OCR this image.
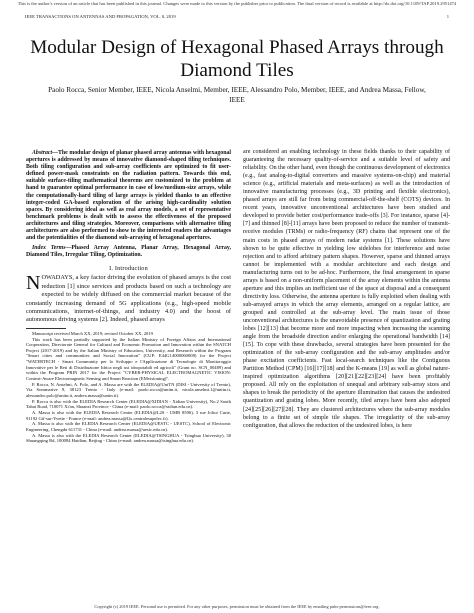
This is the author's version of an article that has been published in this journal. Changes were made to this version by the publisher prior to publication. The final version of record is available at http://dx.doi.org/10.1109/TAP.2019.2951474
IEEE TRANSACTIONS ON ANTENNAS AND PROPAGATION, VOL. 0, 2019	1
Modular Design of Hexagonal Phased Arrays through Diamond Tiles
Paolo Rocca, Senior Member, IEEE, Nicola Anselmi, Member, IEEE, Alessandro Polo, Member, IEEE, and Andrea Massa, Fellow, IEEE

Abstract—The modular design of planar phased array antennas with hexagonal apertures is addressed by means of innovative diamond-shaped tiling techniques. Both tiling configuration and sub-array coefficients are optimized to fit user-defined power-mask constraints on the radiation pattern. Towards this end, suitable surface-tiling mathematical theorems are customized to the problem at hand to guarantee optimal performance in case of low/medium-size arrays, while the computationally-hard tiling of large arrays is yielded thanks to an effective integer-coded GA-based exploration of the arising high-cardinality solution spaces. By considering ideal as well as real array models, a set of representative benchmark problems is dealt with to assess the effectiveness of the proposed architectures and tiling strategies. Moreover, comparisons with alternative tiling architectures are also performed to show to the interested readers the advantages and the potentialities of the diamond sub-arraying of hexagonal apertures.

Index Terms—Phased Array Antenna, Planar Array, Hexagonal Array, Diamond Tiles, Irregular Tiling, Optimization.

I. Introduction

NOWADAYS, a key factor driving the evolution of phased arrays is the cost reduction [1] since services and products based on such a technology are expected to be widely diffused on the commercial market because of the constantly increasing demand of 5G applications (e.g., high-speed mobile communications, internet-of-things, and industry 4.0) and the boost of autonomous driving systems [2]. Indeed, phased arrays

Manuscript received March XX, 2019; revised October XX, 2019

This work has been partially supported by the Italian Ministry of Foreign Affairs and International Cooperation, Directorate General for Cultural and Economic Promotion and Innovation within the SNATCH Project (2017-2019) and by the Italian Ministry of Education, University, and Research within the Program "Smart cities and communities and Social Innovation" (CUP: E44G14000060008) for the Project "WATERTECH - Smart Community per lo Sviluppo e l'Applicazione di Tecnologie di Monitoraggio Innovative per le Reti di Distribuzione Idrica negli usi idropotabili ed agricoli" (Grant no. SCN_00489) and within the Program PRIN 2017 for the Project "CYBER-PHYSICAL ELECTROMAGNETIC VISION: Context-Aware Electromagnetic Sensing and Smart Reaction (EMvisioning)".

P. Rocca, N. Anselmi, A. Polo, and A. Massa are with the ELEDIA@UniTN (DISI - University of Trento), Via Sommarive 9, 38123 Trento - Italy (e-mail: paolo.rocca@unitn.it, nicola.anselmi.1@unitn.it, alessandro.polo@unitn.it, andrea.massa@unitn.it).

P. Rocca is also with the ELEDIA Research Center (ELEDIA@XIDIAN - Xidian University), No.2 South Tabai Road, 710071 Xi'an, Shaanxi Province - China (e-mail: paolo.rocca@xidian.edu.cn).

A. Massa is also with the ELEDIA Research Center (ELEDIA@L2S - UMR 8506), 3 rue Joliot Curie, 91192 Gif-sur-Yvette - France (e-mail: andrea.massa@l2s.centralesupelec.fr).

A. Massa is also with the ELEDIA Research Center (ELEDIA@UESTC - UESTC), School of Electronic Engineering, Chengdu 611731 - China (e-mail: andrea.massa@uestc.edu.cn).

A. Massa is also with the ELEDIA Research Center (ELEDIA@TSINGHUA - Tsinghua University), 30 Shuangqing Rd, 100084 Haidian, Beijing - China (e-mail: andrea.massa@tsinghua.edu.cn).

are considered an enabling technology in these fields thanks to their capability of guaranteeing the necessary quality-of-service and a suitable level of safety and reliability. On the other hand, even though the continuous development of electronics (e.g., fast analog-to-digital converters and massive systems-on-chip) and material science (e.g., artificial materials and meta-surfaces) as well as the introduction of innovative manufacturing processes (e.g., 3D printing and flexible electronics), phased arrays are still far from being commercial-off-the-shelf (COTS) devices. In recent years, innovative unconventional architectures have been studied and developed to provide better cost/performance trade-offs [3]. For instance, sparse [4]-[7] and thinned [8]-[11] arrays have been proposed to reduce the number of transmit-receive modules (TRMs) or radio-frequency (RF) chains that represent one of the main costs in phased arrays of modern radar systems [1]. These solutions have shown to be quite effective in yielding low sidelobes for interference and noise rejection and to afford arbitrary pattern shapes. However, sparse and thinned arrays cannot be implemented with a modular architecture and each design and manufacturing turns out to be ad-hoc. Furthermore, the final arrangement in sparse arrays is based on a non-uniform placement of the array elements within the antenna aperture and this implies an inefficient use of the space at disposal and a consequent directivity loss. Otherwise, the antenna aperture is fully exploited when dealing with sub-arrayed arrays in which the array elements, arranged on a regular lattice, are grouped and controlled at the sub-array level. The main issue of those unconventional architectures is the unavoidable presence of quantization and grating lobes [12][13] that become more and more impacting when increasing the scanning angle from the broadside direction and/or enlarging the operational bandwidth [14][15]. To cope with these drawbacks, several strategies have been presented for the optimization of the sub-array configuration and the sub-array amplitudes and/or phase excitation coefficients. Fast local-search techniques like the Contiguous Partition Method (CPM) [16][17][18] and the K-means [19] as well as global nature-inspired optimization algorithms [20][21][22][23][24] have been profitably proposed. All rely on the exploitation of unequal and arbitrary sub-array sizes and shapes to break the periodicity of the aperture illumination that causes the undesired quantization and grating lobes. More recently, tiled arrays have been also adopted [24][25][26][27][28]. They are clustered architectures where the sub-array modules belong to a finite set of simple tile shapes. The irregularity of the sub-array configuration, that allows the reduction of the undesired lobes, is here

Copyright (c) 2019 IEEE. Personal use is permitted. For any other purposes, permission must be obtained from the IEEE by emailing pubs-permissions@ieee.org.
